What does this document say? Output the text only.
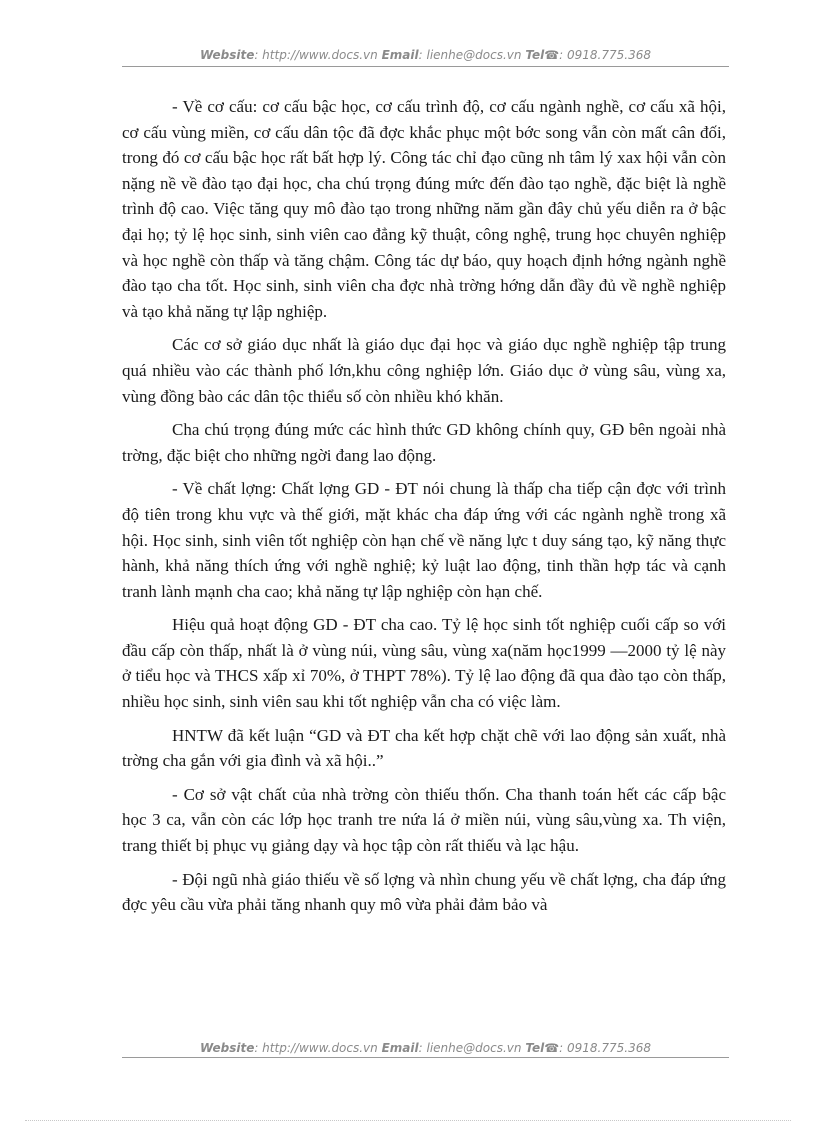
Website: http://www.docs.vn Email: lienhe@docs.vn Tel☎: 0918.775.368

- Về cơ cấu: cơ cấu bậc học, cơ cấu trình độ, cơ cấu ngành nghề, cơ cấu xã hội, cơ cấu vùng miền, cơ cấu dân tộc đã đợc khắc phục một bớc song vẫn còn mất cân đối, trong đó cơ cấu bậc học rất bất hợp lý. Công tác chỉ đạo cũng nh tâm lý xax hội vẫn còn nặng nề về đào tạo đại học, cha chú trọng đúng mức đến đào tạo nghề, đặc biệt là nghề trình độ cao. Việc tăng quy mô đào tạo trong những năm gần đây chủ yếu diễn ra ở bậc đại họ; tỷ lệ học sinh, sinh viên cao đẳng kỹ thuật, công nghệ, trung học chuyên nghiệp và học nghề còn thấp và tăng chậm. Công tác dự báo, quy hoạch định hớng ngành nghề đào tạo cha tốt. Học sinh, sinh viên cha đợc nhà trờng hớng dẫn đầy đủ về nghề nghiệp và tạo khả năng tự lập nghiệp.

Các cơ sở giáo dục nhất là giáo dục đại học và giáo dục nghề nghiệp tập trung quá nhiều vào các thành phố lớn,khu công nghiệp lớn. Giáo dục ở vùng sâu, vùng xa, vùng đồng bào các dân tộc thiểu số còn nhiều khó khăn.

Cha chú trọng đúng mức các hình thức GD không chính quy, GĐ bên ngoài nhà trờng, đặc biệt cho những ngời đang lao động.

- Về chất lợng: Chất lợng GD - ĐT nói chung là thấp cha tiếp cận đợc với trình độ tiên trong khu vực và thế giới, mặt khác cha đáp ứng với các ngành nghề trong xã hội. Học sinh, sinh viên tốt nghiệp còn hạn chế về năng lực t duy sáng tạo, kỹ năng thực hành, khả năng thích ứng với nghề nghiệ; kỷ luật lao động, tinh thần hợp tác và cạnh tranh lành mạnh cha cao; khả năng tự lập nghiệp còn hạn chế.

Hiệu quả hoạt động GD - ĐT cha cao. Tỷ lệ học sinh tốt nghiệp cuối cấp so với đầu cấp còn thấp, nhất là ở vùng núi, vùng sâu, vùng xa(năm học1999 —2000 tỷ lệ này ở tiểu học và THCS xấp xỉ 70%, ở THPT 78%). Tỷ lệ lao động đã qua đào tạo còn thấp, nhiều học sinh, sinh viên sau khi tốt nghiệp vẫn cha có việc làm.

HNTW đã kết luận “GD và ĐT cha kết hợp chặt chẽ với lao động sản xuất, nhà trờng cha gắn với gia đình và xã hội..”

- Cơ sở vật chất của nhà trờng còn thiếu thốn. Cha thanh toán hết các cấp bậc học 3 ca, vẫn còn các lớp học tranh tre nứa lá ở miền núi, vùng sâu,vùng xa. Th viện, trang thiết bị phục vụ giảng dạy và học tập còn rất thiếu và lạc hậu.

- Đội ngũ nhà giáo thiếu về số lợng và nhìn chung yếu về chất lợng, cha đáp ứng đợc yêu cầu vừa phải tăng nhanh quy mô vừa phải đảm bảo và

Website: http://www.docs.vn Email: lienhe@docs.vn Tel☎: 0918.775.368
